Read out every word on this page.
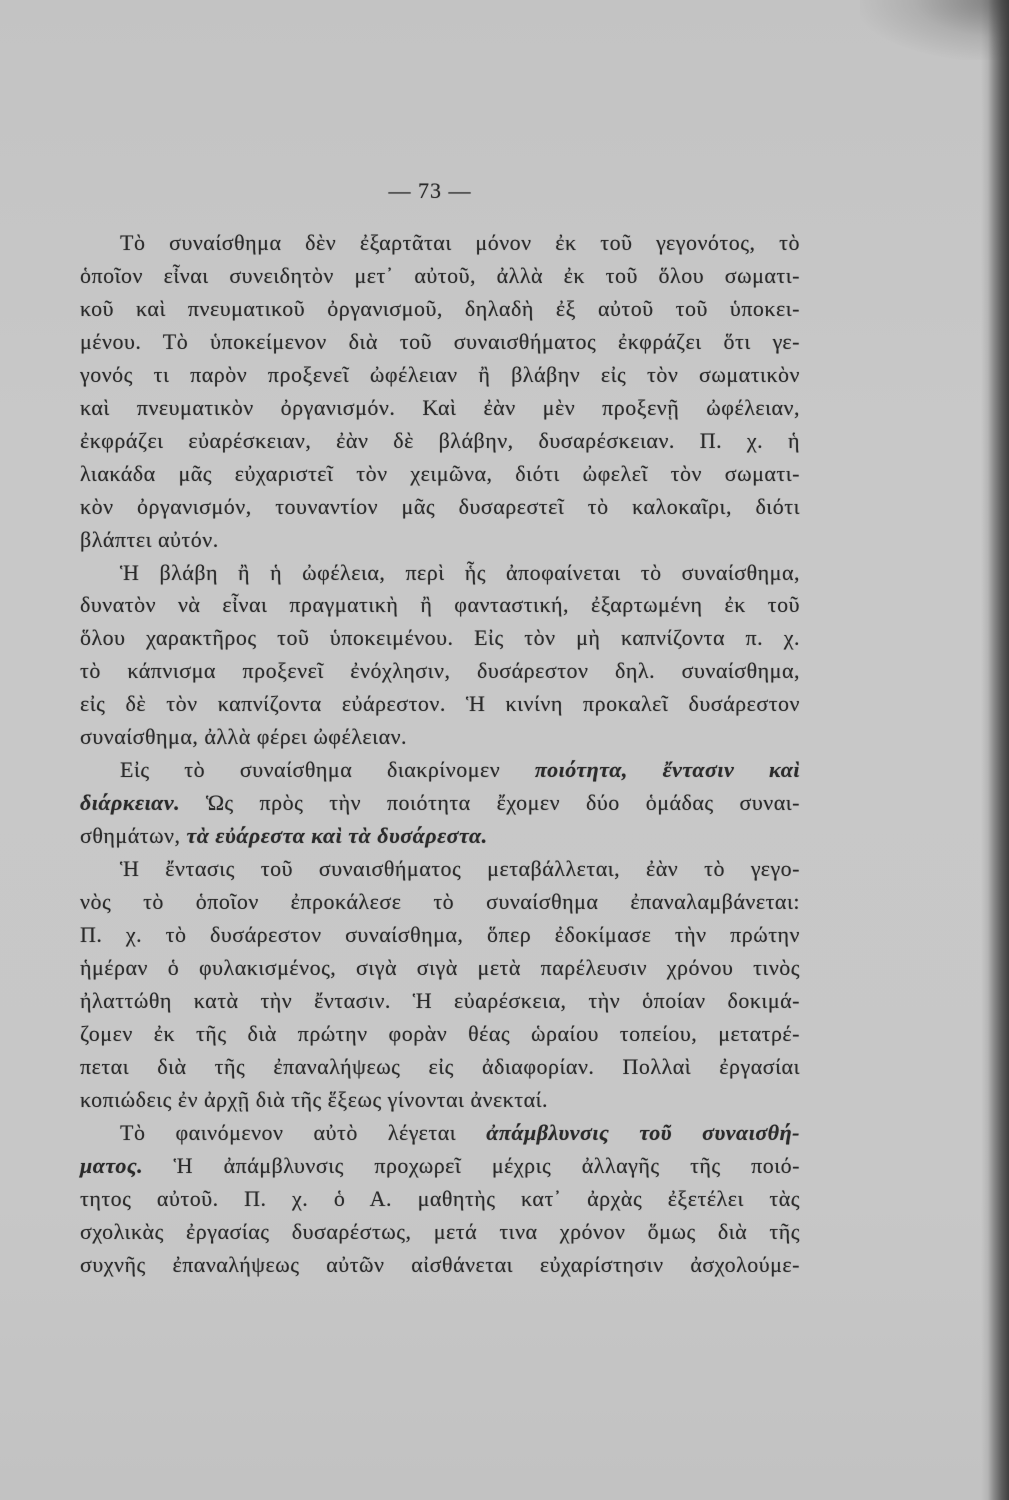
— 73 —
Τὸ συναίσθημα δὲν ἐξαρτᾶται μόνον ἐκ τοῦ γεγονότος, τὸ
ὁποῖον εἶναι συνειδητὸν μετ᾿ αὐτοῦ, ἀλλὰ ἐκ τοῦ ὅλου σωματι-
κοῦ καὶ πνευματικοῦ ὀργανισμοῦ, δηλαδὴ ἐξ αὐτοῦ τοῦ ὑποκει-
μένου. Τὸ ὑποκείμενον διὰ τοῦ συναισθήματος ἐκφράζει ὅτι γε-
γονός τι παρὸν προξενεῖ ὠφέλειαν ἢ βλάβην εἰς τὸν σωματικὸν
καὶ πνευματικὸν ὀργανισμόν. Καὶ ἐὰν μὲν προξενῇ ὠφέλειαν,
ἐκφράζει εὐαρέσκειαν, ἐὰν δὲ βλάβην, δυσαρέσκειαν. Π. χ. ἡ
λιακάδα μᾶς εὐχαριστεῖ τὸν χειμῶνα, διότι ὠφελεῖ τὸν σωματι-
κὸν ὀργανισμόν, τουναντίον μᾶς δυσαρεστεῖ τὸ καλοκαῖρι, διότι
βλάπτει αὐτόν.
Ἡ βλάβη ἢ ἡ ὠφέλεια, περὶ ἧς ἀποφαίνεται τὸ συναίσθημα,
δυνατὸν νὰ εἶναι πραγματικὴ ἢ φανταστική, ἐξαρτωμένη ἐκ τοῦ
ὅλου χαρακτῆρος τοῦ ὑποκειμένου. Εἰς τὸν μὴ καπνίζοντα π. χ.
τὸ κάπνισμα προξενεῖ ἐνόχλησιν, δυσάρεστον δηλ. συναίσθημα,
εἰς δὲ τὸν καπνίζοντα εὐάρεστον. Ἡ κινίνη προκαλεῖ δυσάρεστον
συναίσθημα, ἀλλὰ φέρει ὠφέλειαν.
Εἰς τὸ συναίσθημα διακρίνομεν ποιότητα, ἔντασιν καὶ
διάρκειαν. Ὡς πρὸς τὴν ποιότητα ἔχομεν δύο ὁμάδας συναι-
σθημάτων, τὰ εὐάρεστα καὶ τὰ δυσάρεστα.
Ἡ ἔντασις τοῦ συναισθήματος μεταβάλλεται, ἐὰν τὸ γεγο-
νὸς τὸ ὁποῖον ἐπροκάλεσε τὸ συναίσθημα ἐπαναλαμβάνεται:
Π. χ. τὸ δυσάρεστον συναίσθημα, ὅπερ ἐδοκίμασε τὴν πρώτην
ἡμέραν ὁ φυλακισμένος, σιγὰ σιγὰ μετὰ παρέλευσιν χρόνου τινὸς
ἠλαττώθη κατὰ τὴν ἔντασιν. Ἡ εὐαρέσκεια, τὴν ὁποίαν δοκιμά-
ζομεν ἐκ τῆς διὰ πρώτην φορὰν θέας ὡραίου τοπείου, μετατρέ-
πεται διὰ τῆς ἐπαναλήψεως εἰς ἀδιαφορίαν. Πολλαὶ ἐργασίαι
κοπιώδεις ἐν ἀρχῇ διὰ τῆς ἕξεως γίνονται ἀνεκταί.
Τὸ φαινόμενον αὐτὸ λέγεται ἀπάμβλυνσις τοῦ συναισθή-
ματος. Ἡ ἀπάμβλυνσις προχωρεῖ μέχρις ἀλλαγῆς τῆς ποιό-
τητος αὐτοῦ. Π. χ. ὁ Α. μαθητὴς κατ᾿ ἀρχὰς ἐξετέλει τὰς
σχολικὰς ἐργασίας δυσαρέστως, μετά τινα χρόνον ὅμως διὰ τῆς
συχνῆς ἐπαναλήψεως αὐτῶν αἰσθάνεται εὐχαρίστησιν ἀσχολούμε-
